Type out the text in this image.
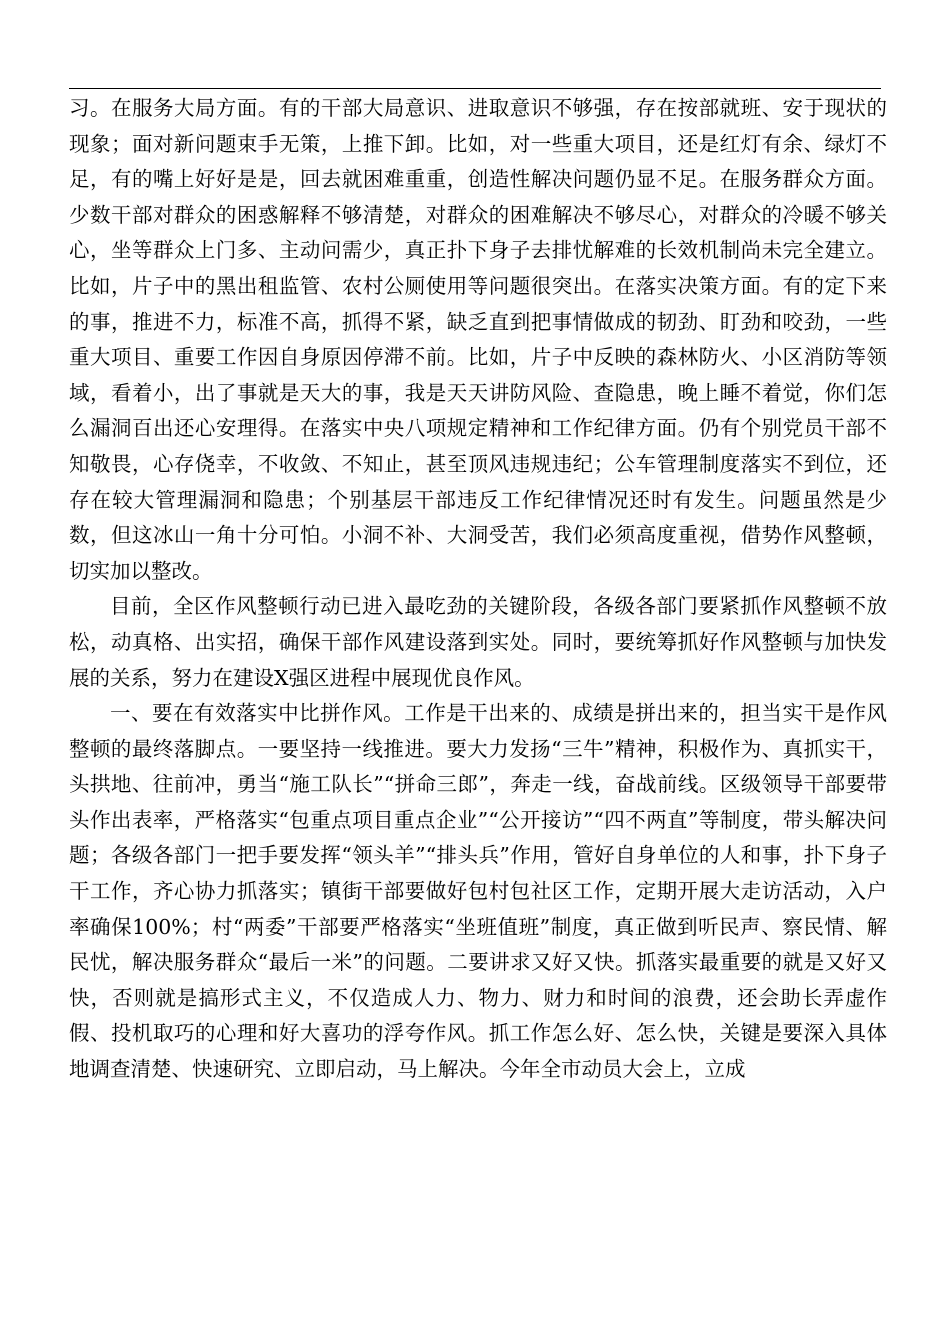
习。在服务大局方面。有的干部大局意识、进取意识不够强，存在按部就班、安于现状的现象；面对新问题束手无策，上推下卸。比如，对一些重大项目，还是红灯有余、绿灯不足，有的嘴上好好是是，回去就困难重重，创造性解决问题仍显不足。在服务群众方面。少数干部对群众的困惑解释不够清楚，对群众的困难解决不够尽心，对群众的冷暖不够关心，坐等群众上门多、主动问需少，真正扑下身子去排忧解难的长效机制尚未完全建立。比如，片子中的黑出租监管、农村公厕使用等问题很突出。在落实决策方面。有的定下来的事，推进不力，标准不高，抓得不紧，缺乏直到把事情做成的韧劲、盯劲和咬劲，一些重大项目、重要工作因自身原因停滞不前。比如，片子中反映的森林防火、小区消防等领域，看着小，出了事就是天大的事，我是天天讲防风险、查隐患，晚上睡不着觉，你们怎么漏洞百出还心安理得。在落实中央八项规定精神和工作纪律方面。仍有个别党员干部不知敬畏，心存侥幸，不收敛、不知止，甚至顶风违规违纪；公车管理制度落实不到位，还存在较大管理漏洞和隐患；个别基层干部违反工作纪律情况还时有发生。问题虽然是少数，但这冰山一角十分可怕。小洞不补、大洞受苦，我们必须高度重视，借势作风整顿，切实加以整改。

目前，全区作风整顿行动已进入最吃劲的关键阶段，各级各部门要紧抓作风整顿不放松，动真格、出实招，确保干部作风建设落到实处。同时，要统筹抓好作风整顿与加快发展的关系，努力在建设X强区进程中展现优良作风。

一、要在有效落实中比拼作风。工作是干出来的、成绩是拼出来的，担当实干是作风整顿的最终落脚点。一要坚持一线推进。要大力发扬“三牛”精神，积极作为、真抓实干，头拱地、往前冲，勇当“施工队长”“拼命三郎”，奔走一线，奋战前线。区级领导干部要带头作出表率，严格落实“包重点项目重点企业”“公开接访”“四不两直”等制度，带头解决问题；各级各部门一把手要发挥“领头羊”“排头兵”作用，管好自身单位的人和事，扑下身子干工作，齐心协力抓落实；镇街干部要做好包村包社区工作，定期开展大走访活动，入户率确保100%；村“两委”干部要严格落实“坐班值班”制度，真正做到听民声、察民情、解民忧，解决服务群众“最后一米”的问题。二要讲求又好又快。抓落实最重要的就是又好又快，否则就是搞形式主义，不仅造成人力、物力、财力和时间的浪费，还会助长弄虚作假、投机取巧的心理和好大喜功的浮夸作风。抓工作怎么好、怎么快，关键是要深入具体地调查清楚、快速研究、立即启动，马上解决。今年全市动员大会上，立成
